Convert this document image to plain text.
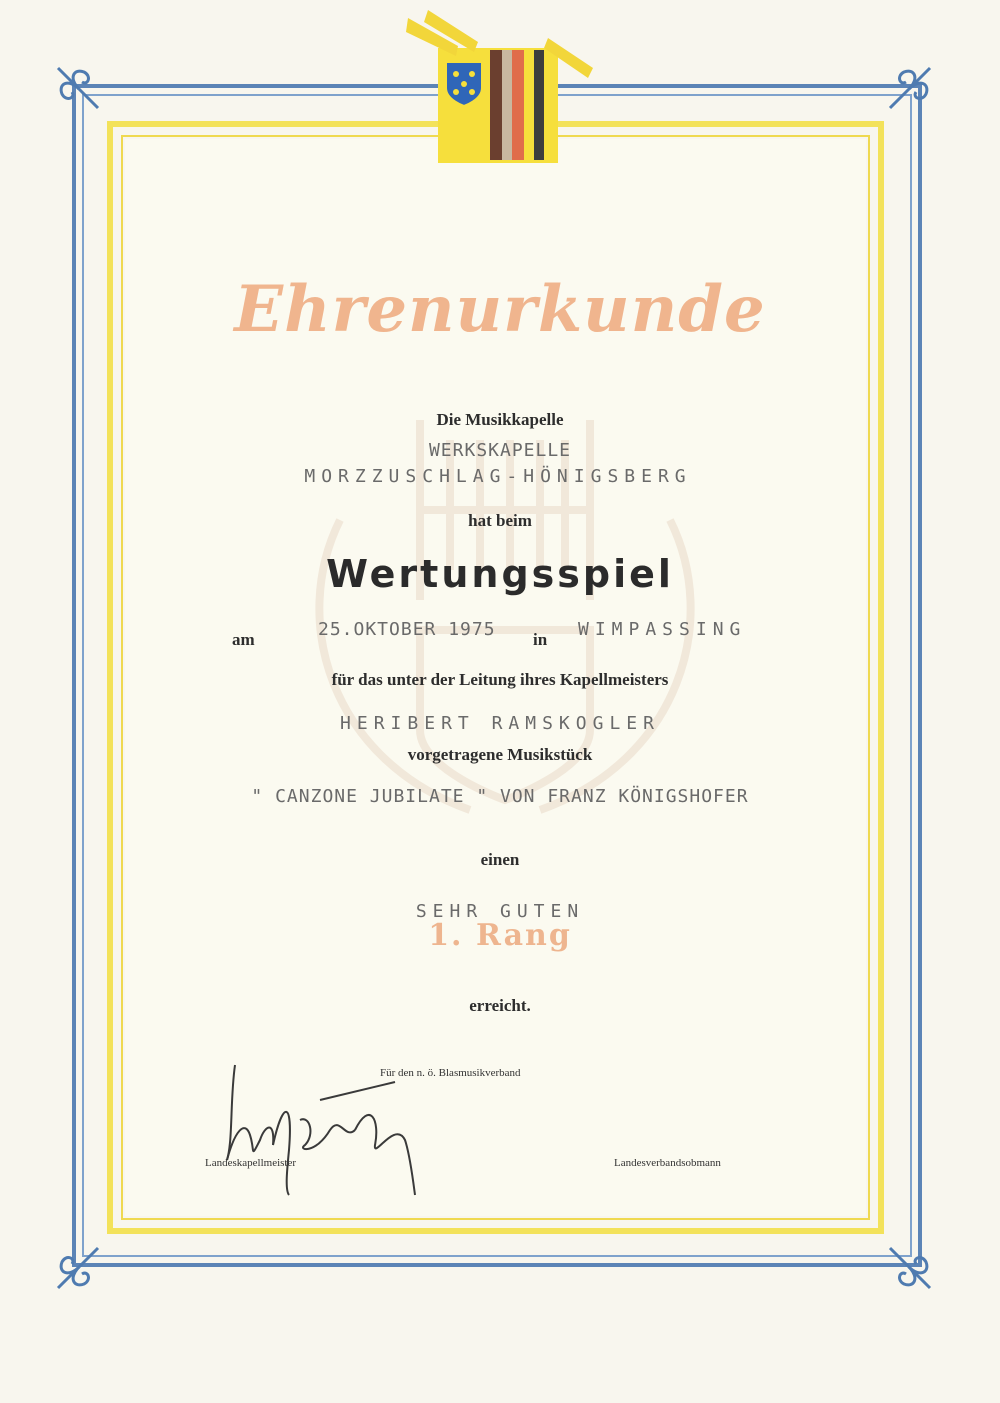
Ehrenurkunde
Die Musikkapelle
WERKSKAPELLE
MORZZUSCHLAG-HÖNIGSBERG
hat beim
Wertungsspiel
am	25.OKTOBER 1975 in WIMPASSING
für das unter der Leitung ihres Kapellmeisters
HERIBERT RAMSKOGLER
vorgetragene Musikstück
" CANZONE JUBILATE " VON FRANZ KÖNIGSHOFER
einen
SEHR GUTEN
1. Rang
erreicht.
Für den n. ö. Blasmusikverband
Landeskapellmeister	Landesverbandsobmann
